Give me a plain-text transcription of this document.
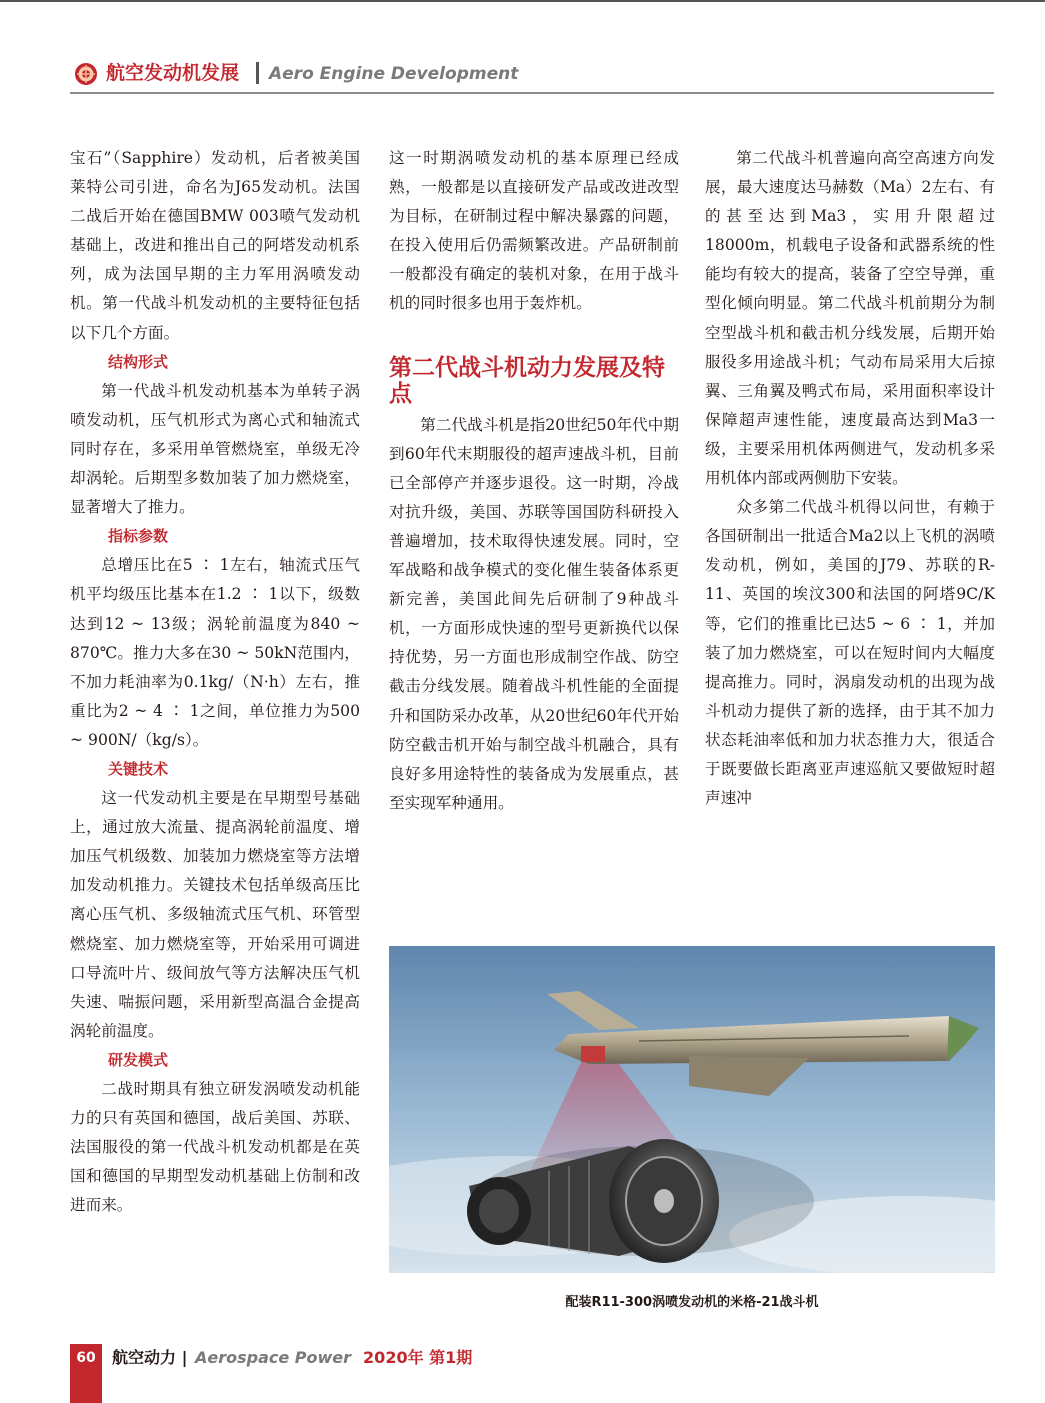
航空发动机发展 Aero Engine Development

宝石”（Sapphire）发动机，后者被美国莱特公司引进，命名为J65发动机。法国二战后开始在德国BMW 003喷气发动机基础上，改进和推出自己的阿塔发动机系列，成为法国早期的主力军用涡喷发动机。第一代战斗机发动机的主要特征包括以下几个方面。

结构形式

第一代战斗机发动机基本为单转子涡喷发动机，压气机形式为离心式和轴流式同时存在，多采用单管燃烧室，单级无冷却涡轮。后期型多数加装了加力燃烧室，显著增大了推力。

指标参数

总增压比在5 ∶ 1左右，轴流式压气机平均级压比基本在1.2 ∶ 1以下，级数达到12 ~ 13级；涡轮前温度为840 ~ 870℃。推力大多在30 ~ 50kN范围内，不加力耗油率为0.1kg/（N·h）左右，推重比为2 ~ 4 ∶ 1之间，单位推力为500 ~ 900N/（kg/s）。

关键技术

这一代发动机主要是在早期型号基础上，通过放大流量、提高涡轮前温度、增加压气机级数、加装加力燃烧室等方法增加发动机推力。关键技术包括单级高压比离心压气机、多级轴流式压气机、环管型燃烧室、加力燃烧室等，开始采用可调进口导流叶片、级间放气等方法解决压气机失速、喘振问题，采用新型高温合金提高涡轮前温度。

研发模式

二战时期具有独立研发涡喷发动机能力的只有英国和德国，战后美国、苏联、法国服役的第一代战斗机发动机都是在英国和德国的早期型发动机基础上仿制和改进而来。

这一时期涡喷发动机的基本原理已经成熟，一般都是以直接研发产品或改进改型为目标，在研制过程中解决暴露的问题，在投入使用后仍需频繁改进。产品研制前一般都没有确定的装机对象，在用于战斗机的同时很多也用于轰炸机。

第二代战斗机动力发展及特点

第二代战斗机是指20世纪50年代中期到60年代末期服役的超声速战斗机，目前已全部停产并逐步退役。这一时期，冷战对抗升级，美国、苏联等国国防科研投入普遍增加，技术取得快速发展。同时，空军战略和战争模式的变化催生装备体系更新完善，美国此间先后研制了9种战斗机，一方面形成快速的型号更新换代以保持优势，另一方面也形成制空作战、防空截击分线发展。随着战斗机性能的全面提升和国防采办改革，从20世纪60年代开始防空截击机开始与制空战斗机融合，具有良好多用途特性的装备成为发展重点，甚至实现军种通用。

第二代战斗机普遍向高空高速方向发展，最大速度达马赫数（Ma）2左右、有的甚至达到Ma3，实用升限超过18000m，机载电子设备和武器系统的性能均有较大的提高，装备了空空导弹，重型化倾向明显。第二代战斗机前期分为制空型战斗机和截击机分线发展，后期开始服役多用途战斗机；气动布局采用大后掠翼、三角翼及鸭式布局，采用面积率设计保障超声速性能，速度最高达到Ma3一级，主要采用机体两侧进气，发动机多采用机体内部或两侧肋下安装。

众多第二代战斗机得以问世，有赖于各国研制出一批适合Ma2以上飞机的涡喷发动机，例如，美国的J79、苏联的R-11、英国的埃汶300和法国的阿塔9C/K等，它们的推重比已达5 ~ 6 ∶ 1，并加装了加力燃烧室，可以在短时间内大幅度提高推力。同时，涡扇发动机的出现为战斗机动力提供了新的选择，由于其不加力状态耗油率低和加力状态推力大，很适合于既要做长距离亚声速巡航又要做短时超声速冲

配装R11-300涡喷发动机的米格-21战斗机
60	航空动力 | Aerospace Power 2020年 第1期
